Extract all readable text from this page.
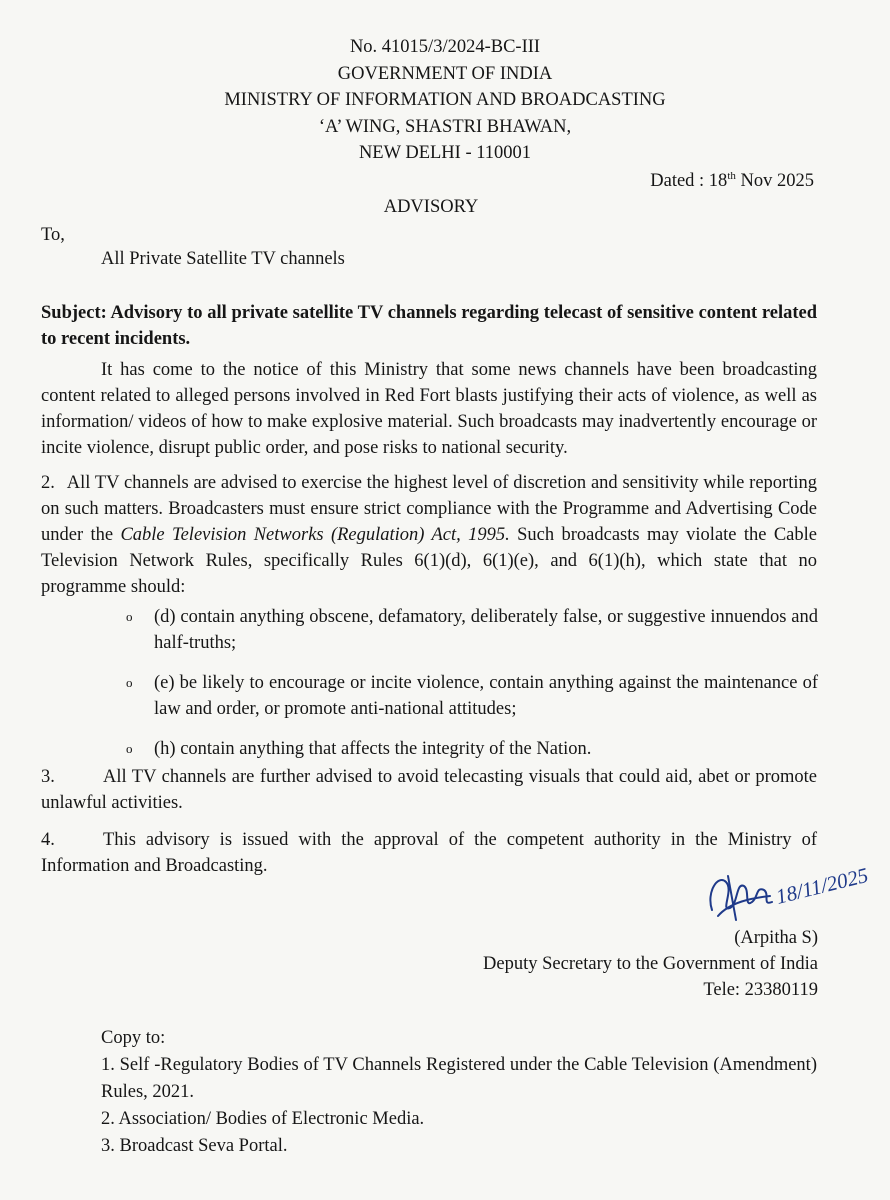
No. 41015/3/2024-BC-III
GOVERNMENT OF INDIA
MINISTRY OF INFORMATION AND BROADCASTING
‘A’ WING, SHASTRI BHAWAN,
NEW DELHI - 110001
Dated : 18th Nov 2025
ADVISORY
To,
All Private Satellite TV channels
Subject: Advisory to all private satellite TV channels regarding telecast of sensitive content related to recent incidents.
It has come to the notice of this Ministry that some news channels have been broadcasting content related to alleged persons involved in Red Fort blasts justifying their acts of violence, as well as information/ videos of how to make explosive material. Such broadcasts may inadvertently encourage or incite violence, disrupt public order, and pose risks to national security.
2. All TV channels are advised to exercise the highest level of discretion and sensitivity while reporting on such matters. Broadcasters must ensure strict compliance with the Programme and Advertising Code under the Cable Television Networks (Regulation) Act, 1995. Such broadcasts may violate the Cable Television Network Rules, specifically Rules 6(1)(d), 6(1)(e), and 6(1)(h), which state that no programme should:
o (d) contain anything obscene, defamatory, deliberately false, or suggestive innuendos and half-truths;
o (e) be likely to encourage or incite violence, contain anything against the maintenance of law and order, or promote anti-national attitudes;
o (h) contain anything that affects the integrity of the Nation.
3.	All TV channels are further advised to avoid telecasting visuals that could aid, abet or promote unlawful activities.
4.	This advisory is issued with the approval of the competent authority in the Ministry of Information and Broadcasting.	18/11/2025
(Arpitha S)
Deputy Secretary to the Government of India
Tele: 23380119
Copy to:
1. Self -Regulatory Bodies of TV Channels Registered under the Cable Television (Amendment) Rules, 2021.
2. Association/ Bodies of Electronic Media.
3. Broadcast Seva Portal.
